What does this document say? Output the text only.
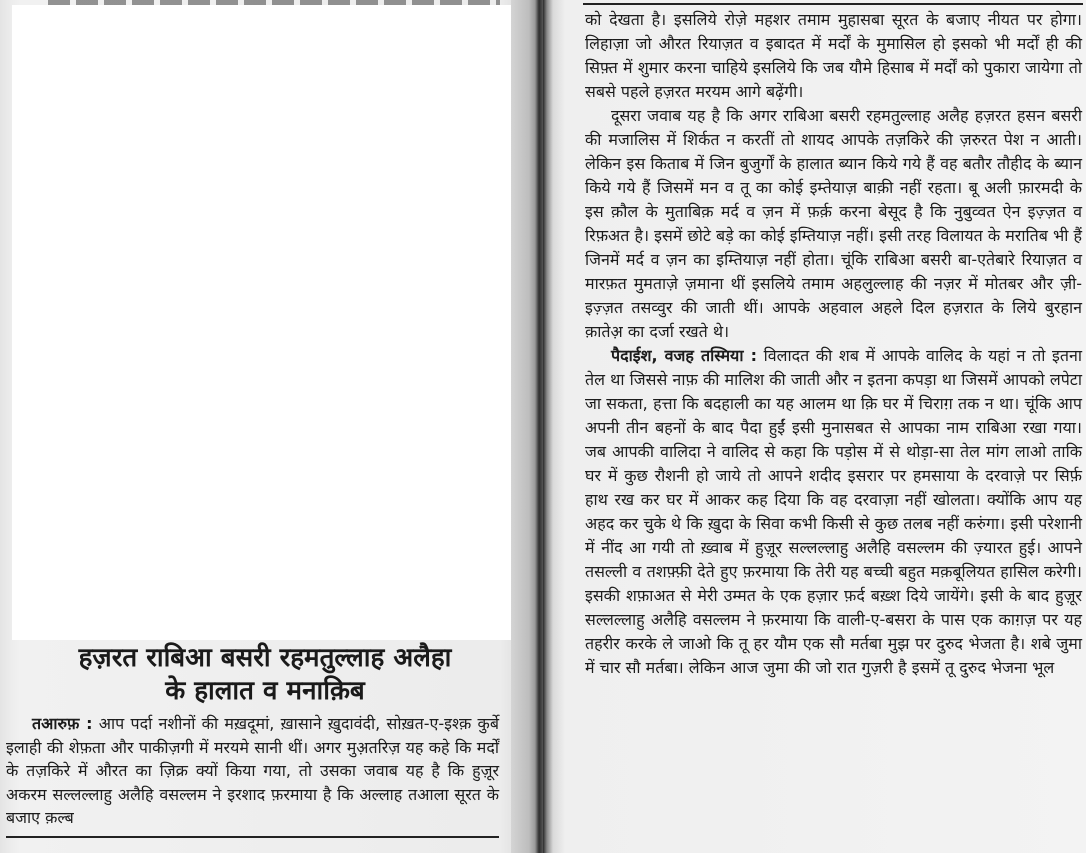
हज़रत राबिआ बसरी रहमतुल्लाह अलैहा
के हालात व मनाक़िब

तआरुफ़ : आप पर्दा नशीनों की मख़दूमां, ख़ासाने ख़ुदावंदी, सोख़त-ए-इश्क़ कुर्बे इलाही की शेफ़ता और पाकीज़गी में मरयमे सानी थीं। अगर मुअ़तरिज़ यह कहे कि मर्दों के तज़किरे में औरत का ज़िक्र क्यों किया गया, तो उसका जवाब यह है कि हुज़ूर अकरम सल्लल्लाहु अलैहि वसल्लम ने इरशाद फ़रमाया है कि अल्लाह तआला सूरत के बजाए क़ल्ब

को देखता है। इसलिये रोज़े महशर तमाम मुहासबा सूरत के बजाए नीयत पर होगा। लिहाज़ा जो औरत रियाज़त व इबादत में मर्दों के मुमासिल हो इसको भी मर्दों ही की सिफ़्त में शुमार करना चाहिये इसलिये कि जब यौमे हिसाब में मर्दों को पुकारा जायेगा तो सबसे पहले हज़रत मरयम आगे बढ़ेंगी।

दूसरा जवाब यह है कि अगर राबिआ बसरी रहमतुल्लाह अलैह हज़रत हसन बसरी की मजालिस में शिर्कत न करतीं तो शायद आपके तज़किरे की ज़रुरत पेश न आती। लेकिन इस किताब में जिन बुजुर्गों के हालात ब्यान किये गये हैं वह बतौर तौहीद के ब्यान किये गये हैं जिसमें मन व तू का कोई इम्तेयाज़ बाक़ी नहीं रहता। बू अली फ़ारमदी के इस क़ौल के मुताबिक़ मर्द व ज़न में फ़र्क़ करना बेसूद है कि नुबुव्वत ऐन इज़्ज़त व रिफ़अत है। इसमें छोटे बड़े का कोई इम्तियाज़ नहीं। इसी तरह विलायत के मरातिब भी हैं जिनमें मर्द व ज़न का इम्तियाज़ नहीं होता। चूंकि राबिआ बसरी बा-एतेबारे रियाज़त व मारफ़त मुमताज़े ज़माना थीं इसलिये तमाम अहलुल्लाह की नज़र में मोतबर और ज़ी- इज़्ज़त तसव्वुर की जाती थीं। आपके अहवाल अहले दिल हज़रात के लिये बुरहान क़ातेअ़ का दर्जा रखते थे।

पैदाईश, वजह तस्मिया : विलादत की शब में आपके वालिद के यहां न तो इतना तेल था जिससे नाफ़ की मालिश की जाती और न इतना कपड़ा था जिसमें आपको लपेटा जा सकता, हत्ता कि बदहाली का यह आलम था क़ि घर में चिराग़ तक न था। चूंकि आप अपनी तीन बहनों के बाद पैदा हुईं इसी मुनासबत से आपका नाम राबिआ रखा गया। जब आपकी वालिदा ने वालिद से कहा कि पड़ोस में से थोड़ा-सा तेल मांग लाओ ताकि घर में कुछ रौशनी हो जाये तो आपने शदीद इसरार पर हमसाया के दरवाज़े पर सिर्फ़ हाथ रख कर घर में आकर कह दिया कि वह दरवाज़ा नहीं खोलता। क्योंकि आप यह अहद कर चुके थे कि ख़ुदा के सिवा कभी किसी से कुछ तलब नहीं करुंगा। इसी परेशानी में नींद आ गयी तो ख़्वाब में हुज़ूर सल्लल्लाहु अलैहि वसल्लम की ज़्यारत हुई। आपने तसल्ली व तशफ़्फ़ी देते हुए फ़रमाया कि तेरी यह बच्ची बहुत मक़बूलियत हासिल करेगी। इसकी शफ़ाअत से मेरी उम्मत के एक हज़ार फ़र्द बख़्श दिये जायेंगे। इसी के बाद हुज़ूर सल्लल्लाहु अलैहि वसल्लम ने फ़रमाया कि वाली-ए-बसरा के पास एक काग़ज़ पर यह तहरीर करके ले जाओ कि तू हर यौम एक सौ मर्तबा मुझ पर दुरुद भेजता है। शबे जुमा में चार सौ मर्तबा। लेकिन आज जुमा की जो रात गुज़री है इसमें तू दुरुद भेजना भूल
